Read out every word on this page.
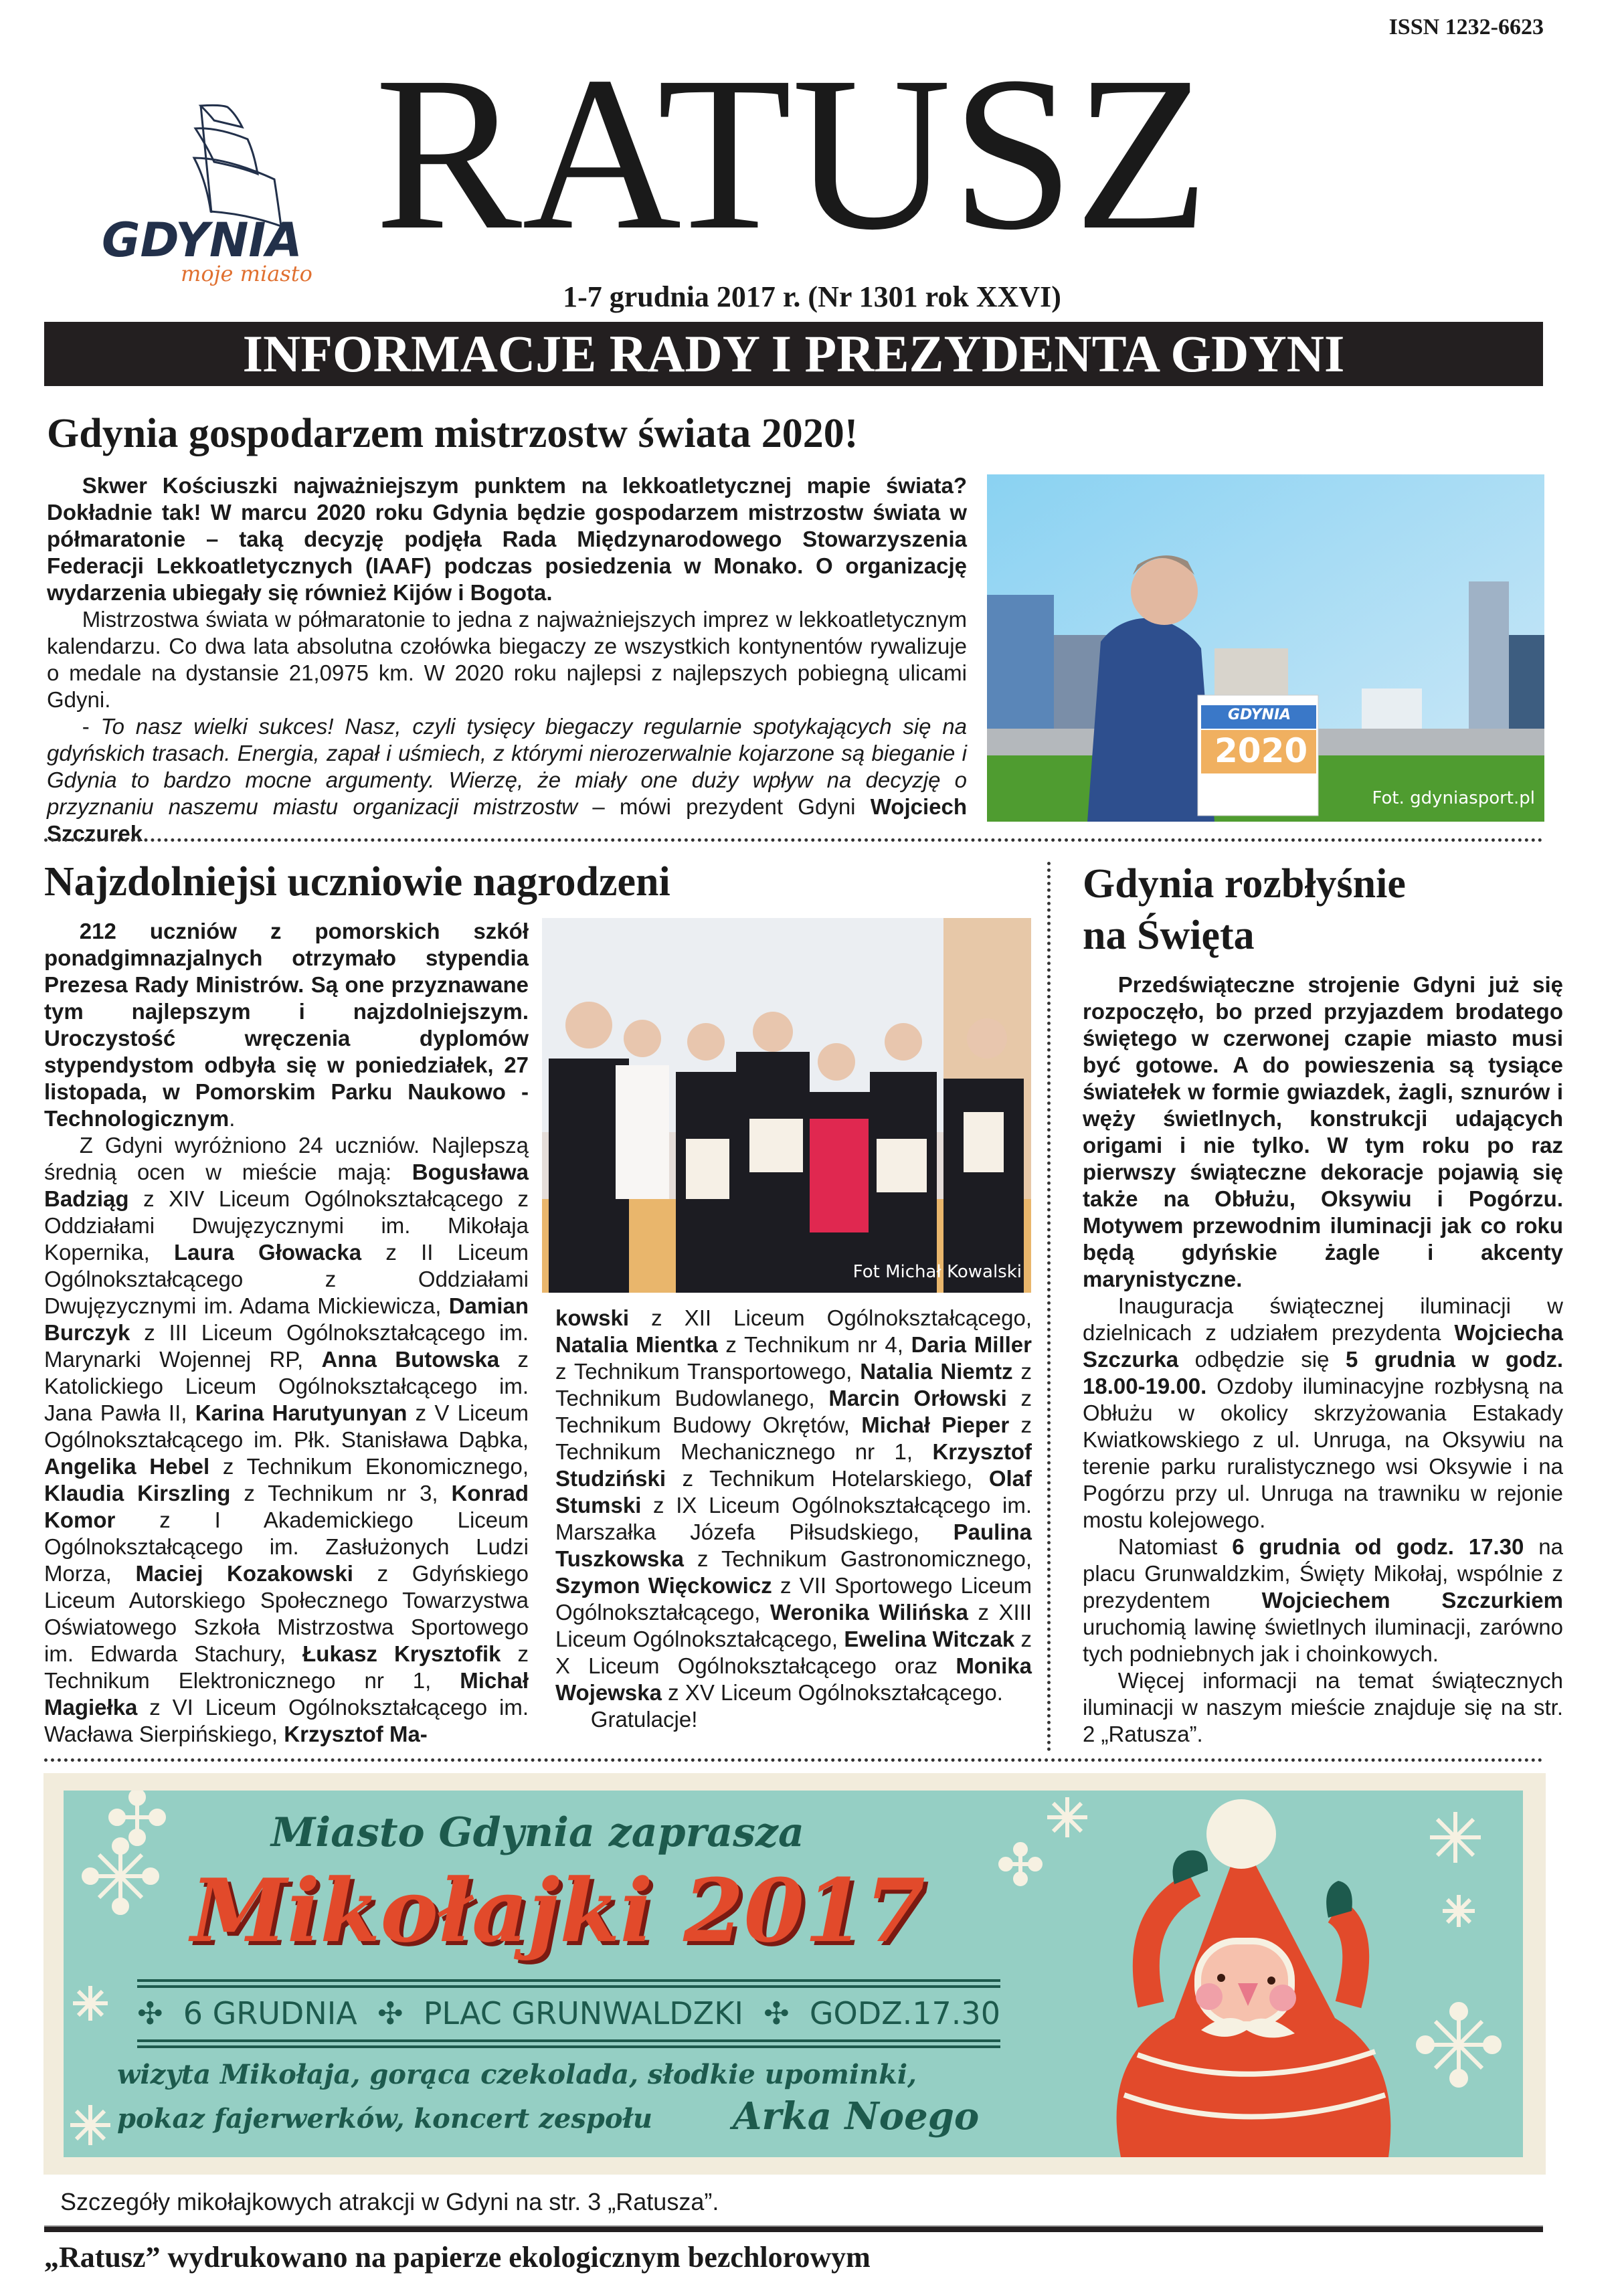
ISSN 1232-6623
GDYNIA
moje miasto RATUSZ
1-7 grudnia 2017 r. (Nr 1301 rok XXVI)
INFORMACJE RADY I PREZYDENTA GDYNI
Gdynia gospodarzem mistrzostw świata 2020!

Skwer Kościuszki najważniejszym punktem na lekkoatletycznej mapie świata? Dokładnie tak! W marcu 2020 roku Gdynia będzie gospodarzem mistrzostw świata w półmaratonie – taką decyzję podjęła Rada Międzynarodowego Stowarzyszenia Federacji Lekkoatletycznych (IAAF) podczas posiedzenia w Monako. O organizację wydarzenia ubiegały się również Kijów i Bogota.

Mistrzostwa świata w półmaratonie to jedna z najważniejszych imprez w lekkoatletycznym kalendarzu. Co dwa lata absolutna czołówka biegaczy ze wszystkich kontynentów rywalizuje o medale na dystansie 21,0975 km. W 2020 roku najlepsi z najlepszych pobiegną ulicami Gdyni.

- To nasz wielki sukces! Nasz, czyli tysięcy biegaczy regularnie spotykających się na gdyńskich trasach. Energia, zapał i uśmiech, z którymi nierozerwalnie kojarzone są bieganie i Gdynia to bardzo mocne argumenty. Wierzę, że miały one duży wpływ na decyzję o przyznaniu naszemu miastu organizacji mistrzostw – mówi prezydent Gdyni Wojciech Szczurek.

GDYNIA
2020
Fot. gdyniasport.pl
Najzdolniejsi uczniowie nagrodzeni

212 uczniów z pomorskich szkół ponadgimnazjalnych otrzymało stypendia Prezesa Rady Ministrów. Są one przyznawane tym najlepszym i najzdolniejszym. Uroczystość wręczenia dyplomów stypendystom odbyła się w poniedziałek, 27 listopada, w Pomorskim Parku Naukowo -Technologicznym.

Z Gdyni wyróżniono 24 uczniów. Najlepszą średnią ocen w mieście mają: Bogusława Badziąg z XIV Liceum Ogólnokształcącego z Oddziałami Dwujęzycznymi im. Mikołaja Kopernika, Laura Głowacka z II Liceum Ogólnokształcącego z Oddziałami Dwujęzycznymi im. Adama Mickiewicza, Damian Burczyk z III Liceum Ogólnokształcącego im. Marynarki Wojennej RP, Anna Butowska z Katolickiego Liceum Ogólnokształcącego im. Jana Pawła II, Karina Harutyunyan z V Liceum Ogólnokształcącego im. Płk. Stanisława Dąbka, Angelika Hebel z Technikum Ekonomicznego, Klaudia Kirszling z Technikum nr 3, Konrad Komor z I Akademickiego Liceum Ogólnokształcącego im. Zasłużonych Ludzi Morza, Maciej Kozakowski z Gdyńskiego Liceum Autorskiego Społecznego Towarzystwa Oświatowego Szkoła Mistrzostwa Sportowego im. Edwarda Stachury, Łukasz Krysztofik z Technikum Elektronicznego nr 1, Michał Magiełka z VI Liceum Ogólnokształcącego im. Wacława Sierpińskiego, Krzysztof Ma-

Fot Michał Kowalski

kowski z XII Liceum Ogólnokształcącego, Natalia Mientka z Technikum nr 4, Daria Miller z Technikum Transportowego, Natalia Niemtz z Technikum Budowlanego, Marcin Orłowski z Technikum Budowy Okrętów, Michał Pieper z Technikum Mechanicznego nr 1, Krzysztof Studziński z Technikum Hotelarskiego, Olaf Stumski z IX Liceum Ogólnokształcącego im. Marszałka Józefa Piłsudskiego, Paulina Tuszkowska z Technikum Gastronomicznego, Szymon Więckowicz z VII Sportowego Liceum Ogólnokształcącego, Weronika Wilińska z XIII Liceum Ogólnokształcącego, Ewelina Witczak z X Liceum Ogólnokształcącego oraz Monika Wojewska z XV Liceum Ogólnokształcącego.

Gratulacje!

Gdynia rozbłyśnie
na Święta

Przedświąteczne strojenie Gdyni już się rozpoczęło, bo przed przyjazdem brodatego świętego w czerwonej czapie miasto musi być gotowe. A do powieszenia są tysiące światełek w formie gwiazdek, żagli, sznurów i węży świetlnych, konstrukcji udających origami i nie tylko. W tym roku po raz pierwszy świąteczne dekoracje pojawią się także na Obłużu, Oksywiu i Pogórzu. Motywem przewodnim iluminacji jak co roku będą gdyńskie żagle i akcenty marynistyczne.

Inauguracja świątecznej iluminacji w dzielnicach z udziałem prezydenta Wojciecha Szczurka odbędzie się 5 grudnia w godz. 18.00-19.00. Ozdoby iluminacyjne rozbłysną na Obłużu w okolicy skrzyżowania Estakady Kwiatkowskiego z ul. Unruga, na Oksywiu na terenie parku ruralistycznego wsi Oksywie i na Pogórzu przy ul. Unruga na trawniku w rejonie mostu kolejowego.

Natomiast 6 grudnia od godz. 17.30 na placu Grunwaldzkim, Święty Mikołaj, wspólnie z prezydentem Wojciechem Szczurkiem uruchomią lawinę świetlnych iluminacji, zarówno tych podniebnych jak i choinkowych.

Więcej informacji na temat świątecznych iluminacji w naszym mieście znajduje się na str. 2 „Ratusza”.

Miasto Gdynia zaprasza
Mikołajki 2017
✣ 6 GRUDNIA ✣ PLAC GRUNWALDZKI ✣ GODZ.17.30
wizyta Mikołaja, gorąca czekolada, słodkie upominki,
pokaz fajerwerków, koncert zespołu Arka Noego
Szczegóły mikołajkowych atrakcji w Gdyni na str. 3 „Ratusza”.
„Ratusz” wydrukowano na papierze ekologicznym bezchlorowym
